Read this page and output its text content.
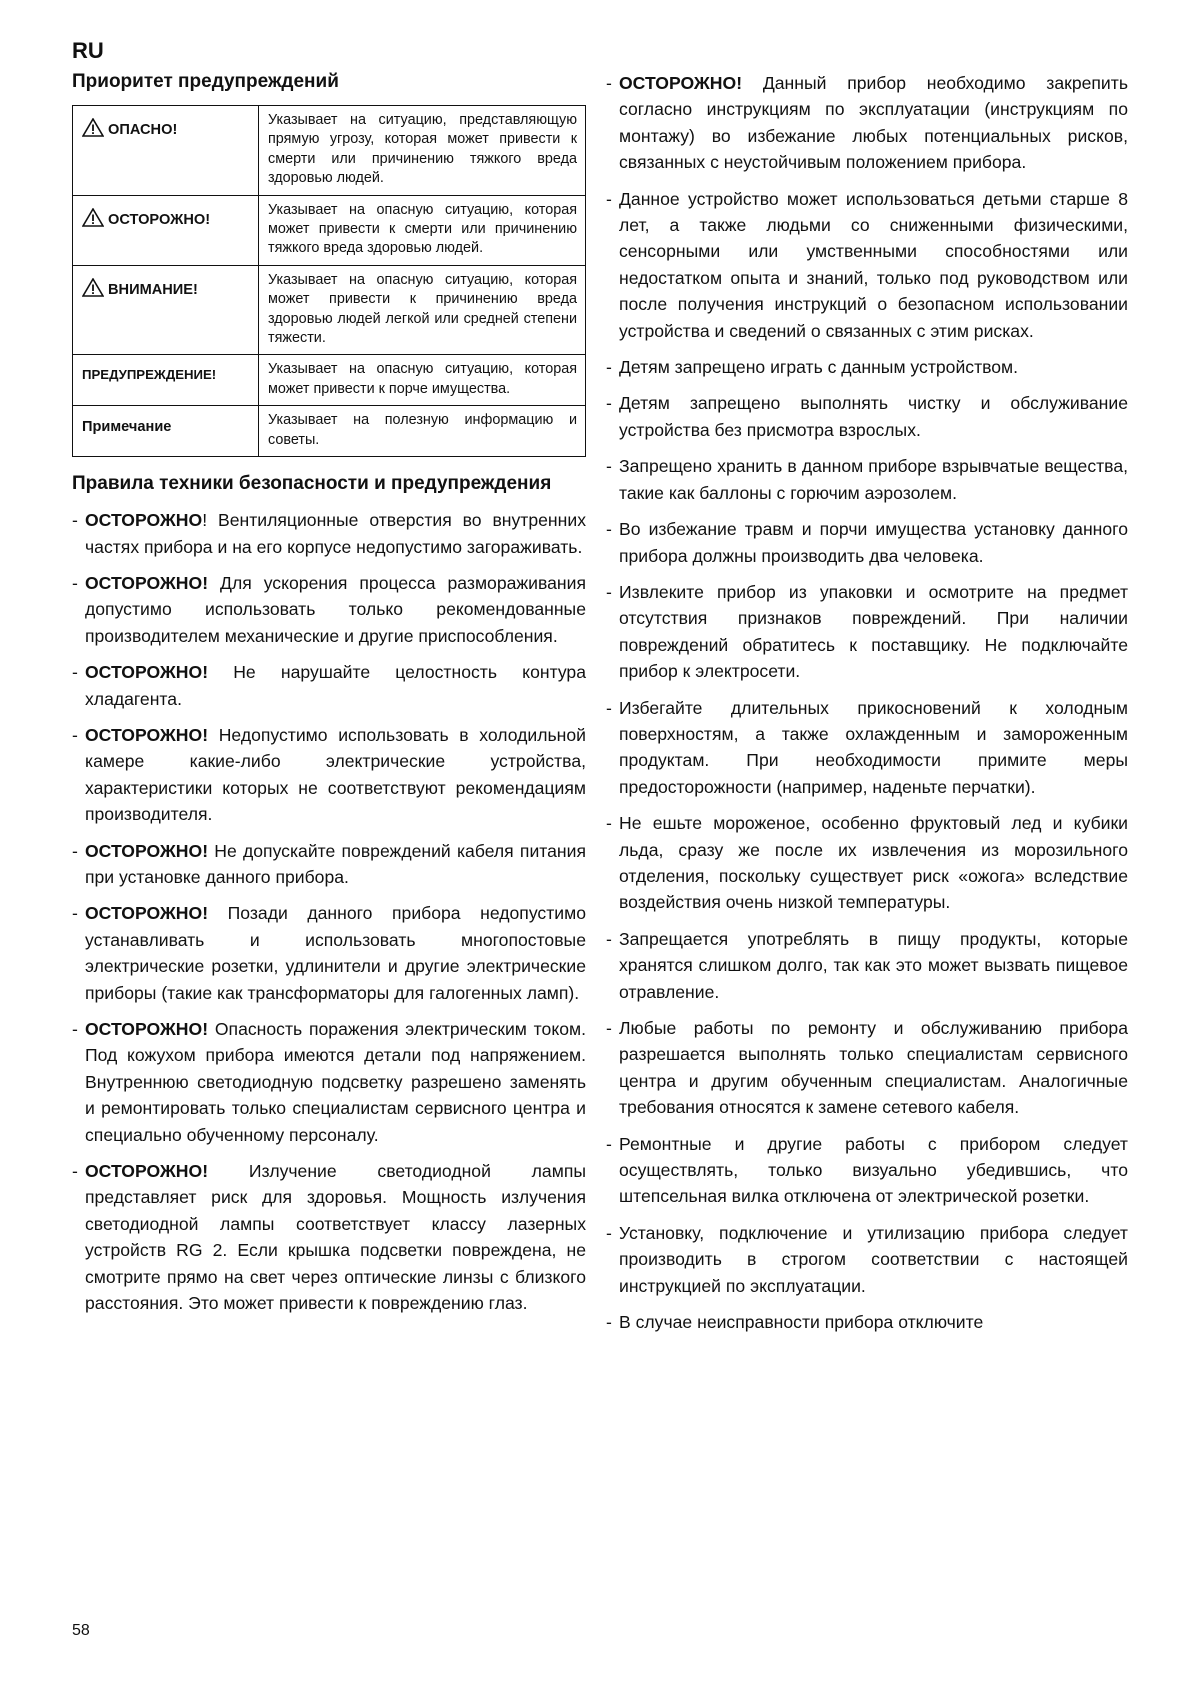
RU
Приоритет предупреждений
ОПАСНО!	Указывает на ситуацию, представляющую прямую угрозу, которая может привести к смерти или причинению тяжкого вреда здоровью людей.
ОСТОРОЖНО!	Указывает на опасную ситуацию, которая может привести к смерти или причинению тяжкого вреда здоровью людей.
ВНИМАНИЕ!	Указывает на опасную ситуацию, которая может привести к причинению вреда здоровью людей легкой или средней степени тяжести.
ПРЕДУПРЕЖДЕНИЕ!	Указывает на опасную ситуацию, которая может привести к порче имущества.
Примечание	Указывает на полезную информацию и советы.
Правила техники безопасности и предупреждения
- ОСТОРОЖНО! Вентиляционные отверстия во внутренних частях прибора и на его корпусе недопустимо загораживать.
- ОСТОРОЖНО! Для ускорения процесса размораживания допустимо использовать только рекомендованные производителем механические и другие приспособления.
- ОСТОРОЖНО! Не нарушайте целостность контура хладагента.
- ОСТОРОЖНО! Недопустимо использовать в холодильной камере какие-либо электрические устройства, характеристики которых не соответствуют рекомендациям производителя.
- ОСТОРОЖНО! Не допускайте повреждений кабеля питания при установке данного прибора.
- ОСТОРОЖНО! Позади данного прибора недопустимо устанавливать и использовать многопостовые электрические розетки, удлинители и другие электрические приборы (такие как трансформаторы для галогенных ламп).
- ОСТОРОЖНО! Опасность поражения электрическим током. Под кожухом прибора имеются детали под напряжением. Внутреннюю светодиодную подсветку разрешено заменять и ремонтировать только специалистам сервисного центра и специально обученному персоналу.
- ОСТОРОЖНО! Излучение светодиодной лампы представляет риск для здоровья. Мощность излучения светодиодной лампы соответствует классу лазерных устройств RG 2. Если крышка подсветки повреждена, не смотрите прямо на свет через оптические линзы с близкого расстояния. Это может привести к повреждению глаз.
- ОСТОРОЖНО! Данный прибор необходимо закрепить согласно инструкциям по эксплуатации (инструкциям по монтажу) во избежание любых потенциальных рисков, связанных с неустойчивым положением прибора.
- Данное устройство может использоваться детьми старше 8 лет, а также людьми со сниженными физическими, сенсорными или умственными способностями или недостатком опыта и знаний, только под руководством или после получения инструкций о безопасном использовании устройства и сведений о связанных с этим рисках.
- Детям запрещено играть с данным устройством.
- Детям запрещено выполнять чистку и обслуживание устройства без присмотра взрослых.
- Запрещено хранить в данном приборе взрывчатые вещества, такие как баллоны с горючим аэрозолем.
- Во избежание травм и порчи имущества установку данного прибора должны производить два человека.
- Извлеките прибор из упаковки и осмотрите на предмет отсутствия признаков повреждений. При наличии повреждений обратитесь к поставщику. Не подключайте прибор к электросети.
- Избегайте длительных прикосновений к холодным поверхностям, а также охлажденным и замороженным продуктам. При необходимости примите меры предосторожности (например, наденьте перчатки).
- Не ешьте мороженое, особенно фруктовый лед и кубики льда, сразу же после их извлечения из морозильного отделения, поскольку существует риск «ожога» вследствие воздействия очень низкой температуры.
- Запрещается употреблять в пищу продукты, которые хранятся слишком долго, так как это может вызвать пищевое отравление.
- Любые работы по ремонту и обслуживанию прибора разрешается выполнять только специалистам сервисного центра и другим обученным специалистам. Аналогичные требования относятся к замене сетевого кабеля.
- Ремонтные и другие работы с прибором следует осуществлять, только визуально убедившись, что штепсельная вилка отключена от электрической розетки.
- Установку, подключение и утилизацию прибора следует производить в строгом соответствии с настоящей инструкцией по эксплуатации.
- В случае неисправности прибора отключите
58
